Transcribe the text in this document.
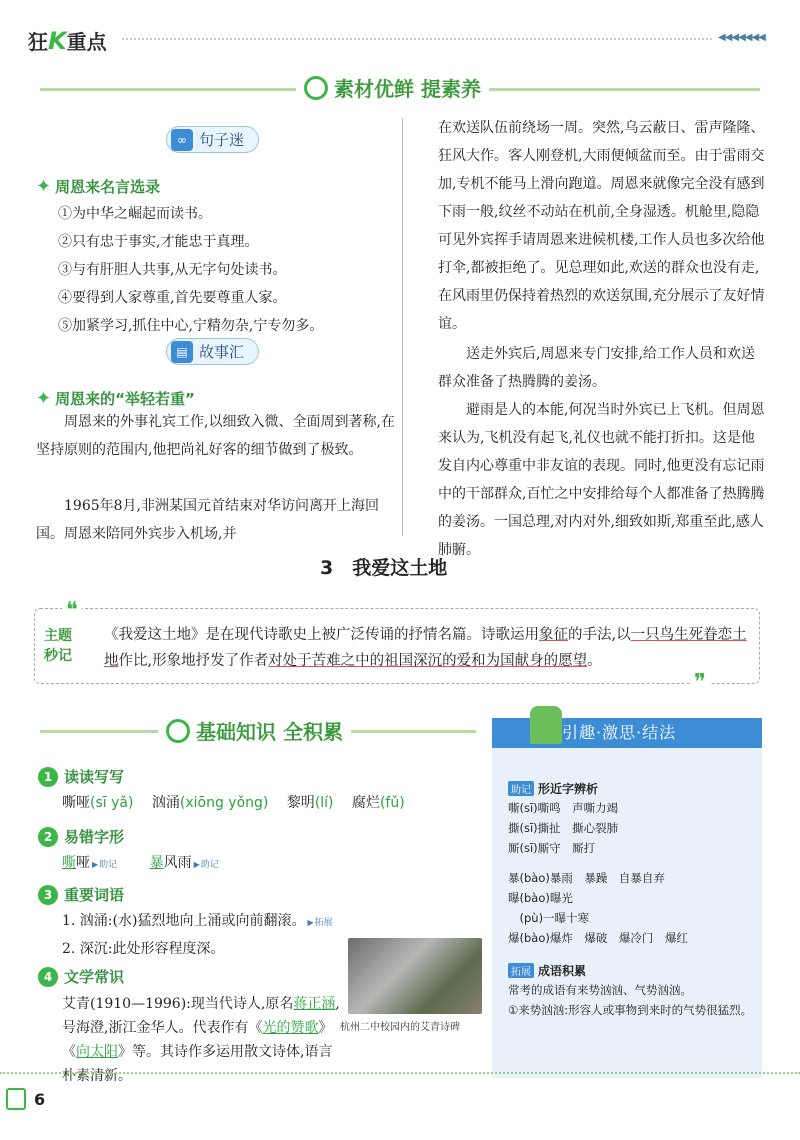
狂K重点	◀◀◀◀◀◀◀
素材优鲜 提素养
∞ 句子迷
✦ 周恩来名言选录
①为中华之崛起而读书。
②只有忠于事实,才能忠于真理。
③与有肝胆人共事,从无字句处读书。
④要得到人家尊重,首先要尊重人家。
⑤加紧学习,抓住中心,宁精勿杂,宁专勿多。
▤ 故事汇
✦ 周恩来的“举轻若重”
周恩来的外事礼宾工作,以细致入微、全面周到著称,在坚持原则的范围内,他把尚礼好客的细节做到了极致。
1965年8月,非洲某国元首结束对华访问离开上海回国。周恩来陪同外宾步入机场,并
在欢送队伍前绕场一周。突然,乌云蔽日、雷声隆隆、狂风大作。客人刚登机,大雨便倾盆而至。由于雷雨交加,专机不能马上滑向跑道。周恩来就像完全没有感到下雨一般,纹丝不动站在机前,全身湿透。机舱里,隐隐可见外宾挥手请周恩来进候机楼,工作人员也多次给他打伞,都被拒绝了。见总理如此,欢送的群众也没有走,在风雨里仍保持着热烈的欢送氛围,充分展示了友好情谊。
送走外宾后,周恩来专门安排,给工作人员和欢送群众准备了热腾腾的姜汤。
避雨是人的本能,何况当时外宾已上飞机。但周恩来认为,飞机没有起飞,礼仪也就不能打折扣。这是他发自内心尊重中非友谊的表现。同时,他更没有忘记雨中的干部群众,百忙之中安排给每个人都准备了热腾腾的姜汤。一国总理,对内对外,细致如斯,郑重至此,感人肺腑。
3　 我爱这土地
❝
❞
主题
秒记
《我爱这土地》是在现代诗歌史上被广泛传诵的抒情名篇。诗歌运用象征的手法,以一只鸟生死眷恋土地作比,形象地抒发了作者对处于苦难之中的祖国深沉的爱和为国献身的愿望。
基础知识 全积累
1 读读写写
嘶哑(sī yǎ)　 汹涌(xiōng yǒng)　 黎明(lí)　 腐烂(fǔ)
2 易错字形
嘶哑 ▶ 助记 　　 暴风雨 ▶ 助记
3 重要词语
1. 汹涌:(水)猛烈地向上涌或向前翻滚。 ▶ 拓展
2. 深沉:此处形容程度深。
4 文学常识
艾青(1910—1996):现当代诗人,原名蒋正涵,号海澄,浙江金华人。代表作有《光的赞歌》《向太阳》等。其诗作多运用散文诗体,语言朴素清新。
杭州二中校园内的艾青诗碑
引趣·激思·结法
助记 形近字辨析
嘶(sī)嘶鸣　声嘶力竭
撕(sī)撕扯　撕心裂肺
厮(sī)厮守　厮打
暴(bào)暴雨　暴躁　自暴自弃
曝(bào)曝光
　(pù)一曝十寒
爆(bào)爆炸　爆破　爆冷门　爆红
拓展 成语积累
常考的成语有来势汹汹、气势汹汹。
①来势汹汹:形容人或事物到来时的气势很猛烈。
6
